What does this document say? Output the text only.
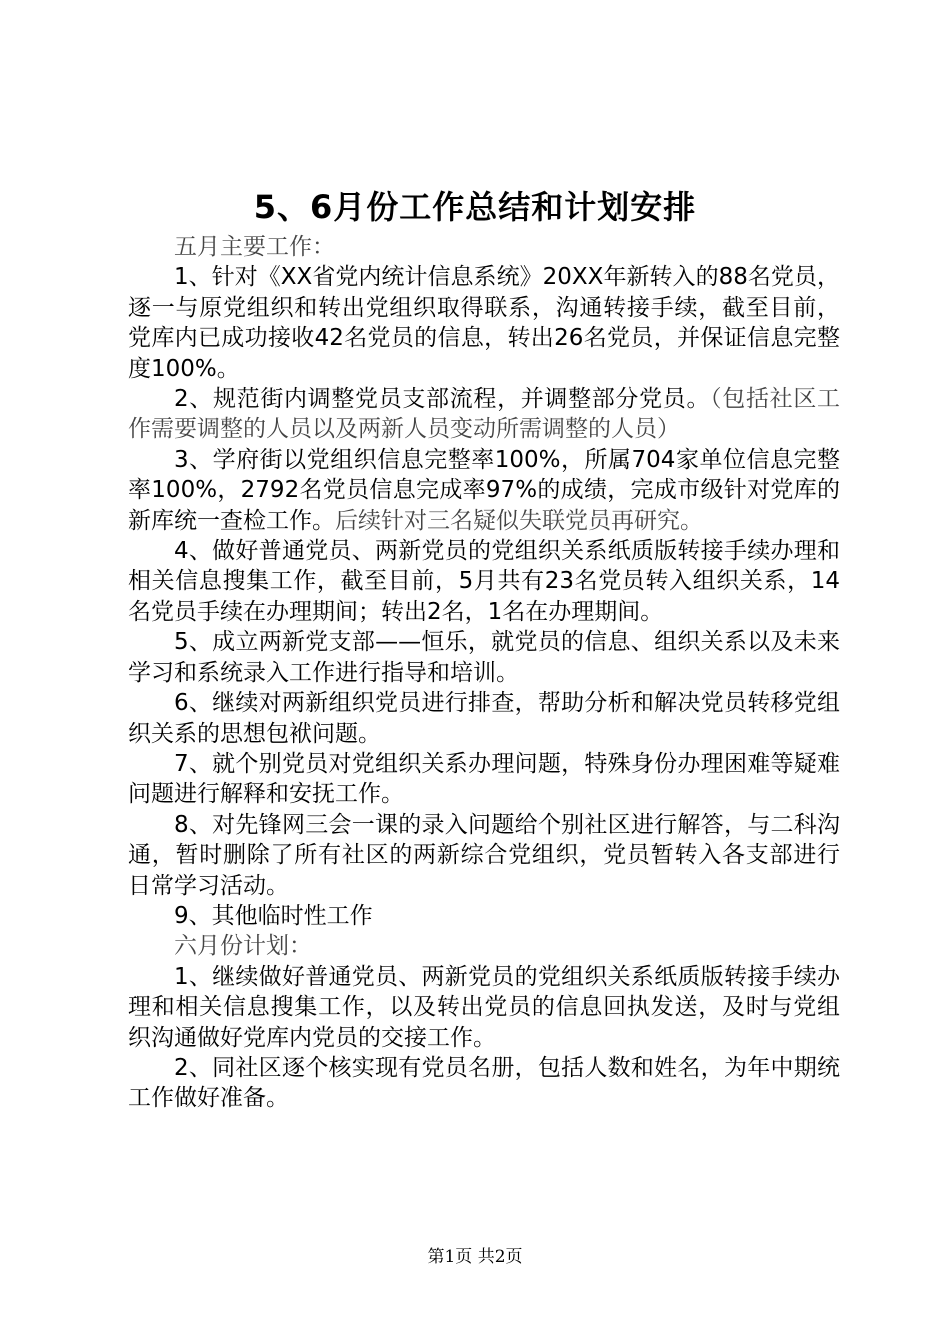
5、6月份工作总结和计划安排

五月主要工作：

1、针对《XX省党内统计信息系统》20XX年新转入的88名党员，逐一与原党组织和转出党组织取得联系，沟通转接手续，截至目前，党库内已成功接收42名党员的信息，转出26名党员，并保证信息完整度100%。

2、规范街内调整党员支部流程，并调整部分党员。（包括社区工作需要调整的人员以及两新人员变动所需调整的人员）

3、学府街以党组织信息完整率100%，所属704家单位信息完整率100%，2792名党员信息完成率97%的成绩，完成市级针对党库的新库统一查检工作。后续针对三名疑似失联党员再研究。

4、做好普通党员、两新党员的党组织关系纸质版转接手续办理和相关信息搜集工作，截至目前，5月共有23名党员转入组织关系，14名党员手续在办理期间；转出2名，1名在办理期间。

5、成立两新党支部——恒乐，就党员的信息、组织关系以及未来学习和系统录入工作进行指导和培训。

6、继续对两新组织党员进行排查，帮助分析和解决党员转移党组织关系的思想包袱问题。

7、就个别党员对党组织关系办理问题，特殊身份办理困难等疑难问题进行解释和安抚工作。

8、对先锋网三会一课的录入问题给个别社区进行解答，与二科沟通，暂时删除了所有社区的两新综合党组织，党员暂转入各支部进行日常学习活动。

9、其他临时性工作

六月份计划：

1、继续做好普通党员、两新党员的党组织关系纸质版转接手续办理和相关信息搜集工作，以及转出党员的信息回执发送，及时与党组织沟通做好党库内党员的交接工作。

2、同社区逐个核实现有党员名册，包括人数和姓名，为年中期统工作做好准备。

第1页 共2页
